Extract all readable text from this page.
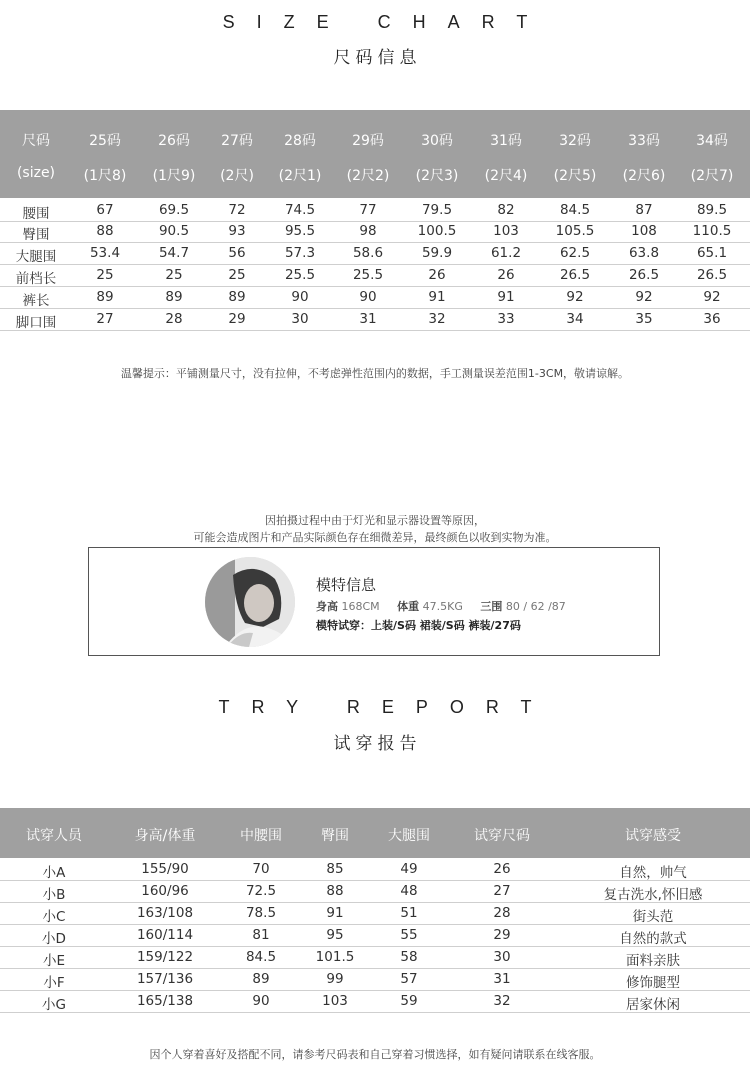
SIZE CHART
尺码信息
尺码	25码	26码	27码	28码	29码	30码	31码	32码	33码	34码
(size)	(1尺8)	(1尺9)	(2尺)	(2尺1)	(2尺2)	(2尺3)	(2尺4)	(2尺5)	(2尺6)	(2尺7)
腰围	67	69.5	72	74.5	77	79.5	82	84.5	87	89.5
臀围	88	90.5	93	95.5	98	100.5	103	105.5	108	110.5
大腿围	53.4	54.7	56	57.3	58.6	59.9	61.2	62.5	63.8	65.1
前档长	25	25	25	25.5	25.5	26	26	26.5	26.5	26.5
裤长	89	89	89	90	90	91	91	92	92	92
脚口围	27	28	29	30	31	32	33	34	35	36
温馨提示：平铺测量尺寸，没有拉伸，不考虑弹性范围内的数据，手工测量误差范围1-3CM，敬请谅解。
因拍摄过程中由于灯光和显示器设置等原因，
可能会造成图片和产品实际颜色存在细微差异，最终颜色以收到实物为准。
模特信息
身高 168CM 体重 47.5KG 三围 80 / 62 /87
模特试穿：上装/S码 裙装/S码 裤装/27码
TRY REPORT
试穿报告
试穿人员	身高/体重	中腰围	臀围	大腿围	试穿尺码	试穿感受
小A	155/90	70	85	49	26	自然，帅气
小B	160/96	72.5	88	48	27	复古洗水,怀旧感
小C	163/108	78.5	91	51	28	街头范
小D	160/114	81	95	55	29	自然的款式
小E	159/122	84.5	101.5	58	30	面料亲肤
小F	157/136	89	99	57	31	修饰腿型
小G	165/138	90	103	59	32	居家休闲
因个人穿着喜好及搭配不同，请参考尺码表和自己穿着习惯选择，如有疑问请联系在线客服。
